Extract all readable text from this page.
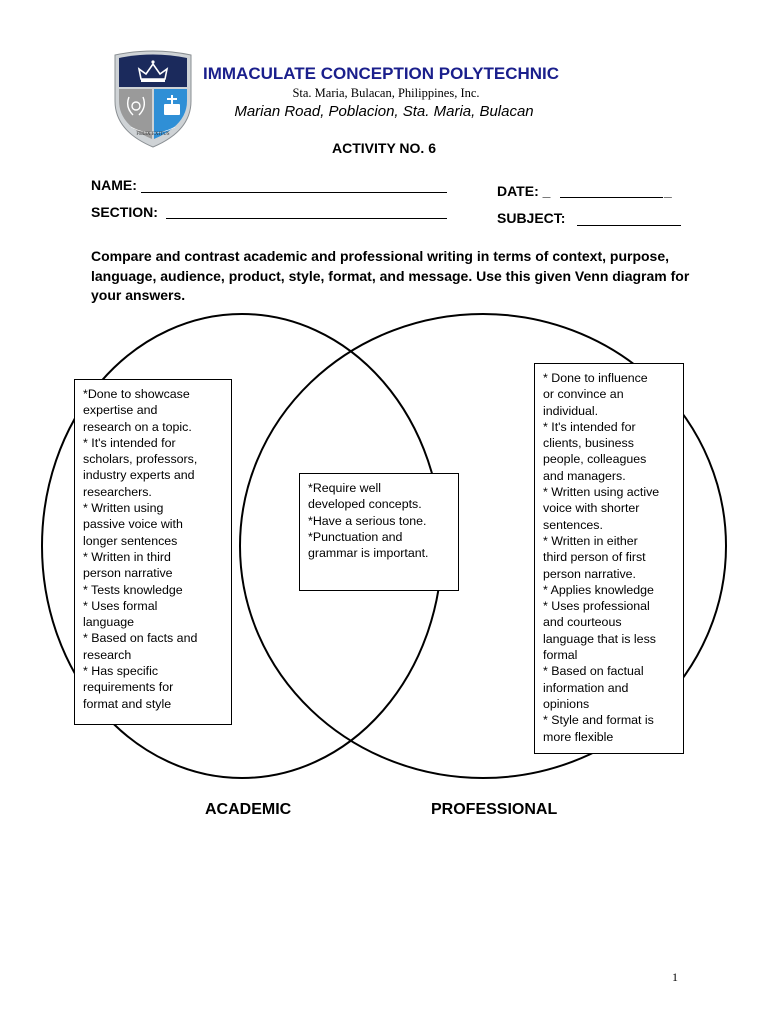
FELIX EXITUS
IMMACULATE CONCEPTION POLYTECHNIC
Sta. Maria, Bulacan, Philippines, Inc.
Marian Road, Poblacion, Sta. Maria, Bulacan
ACTIVITY NO. 6
NAME:
SECTION:
DATE: _	_
SUBJECT:
Compare and contrast academic and professional writing in terms of context, purpose, language, audience, product, style, format, and message. Use this given Venn diagram for your answers.
*Done to showcase
expertise and
research on a topic.
* It's intended for
scholars, professors,
industry experts and
researchers.
* Written using
passive voice with
longer sentences
* Written in third
person narrative
* Tests knowledge
* Uses formal
language
* Based on facts and
research
* Has specific
requirements for
format and style
*Require well
developed concepts.
*Have a serious tone.
*Punctuation and
grammar is important.
* Done to influence
or convince an
individual.
* It's intended for
clients, business
people, colleagues
and managers.
* Written using active
voice with shorter
sentences.
* Written in either
third person of first
person narrative.
* Applies knowledge
* Uses professional
and courteous
language that is less
formal
* Based on factual
information and
opinions
* Style and format is
more flexible
ACADEMIC	PROFESSIONAL
1
